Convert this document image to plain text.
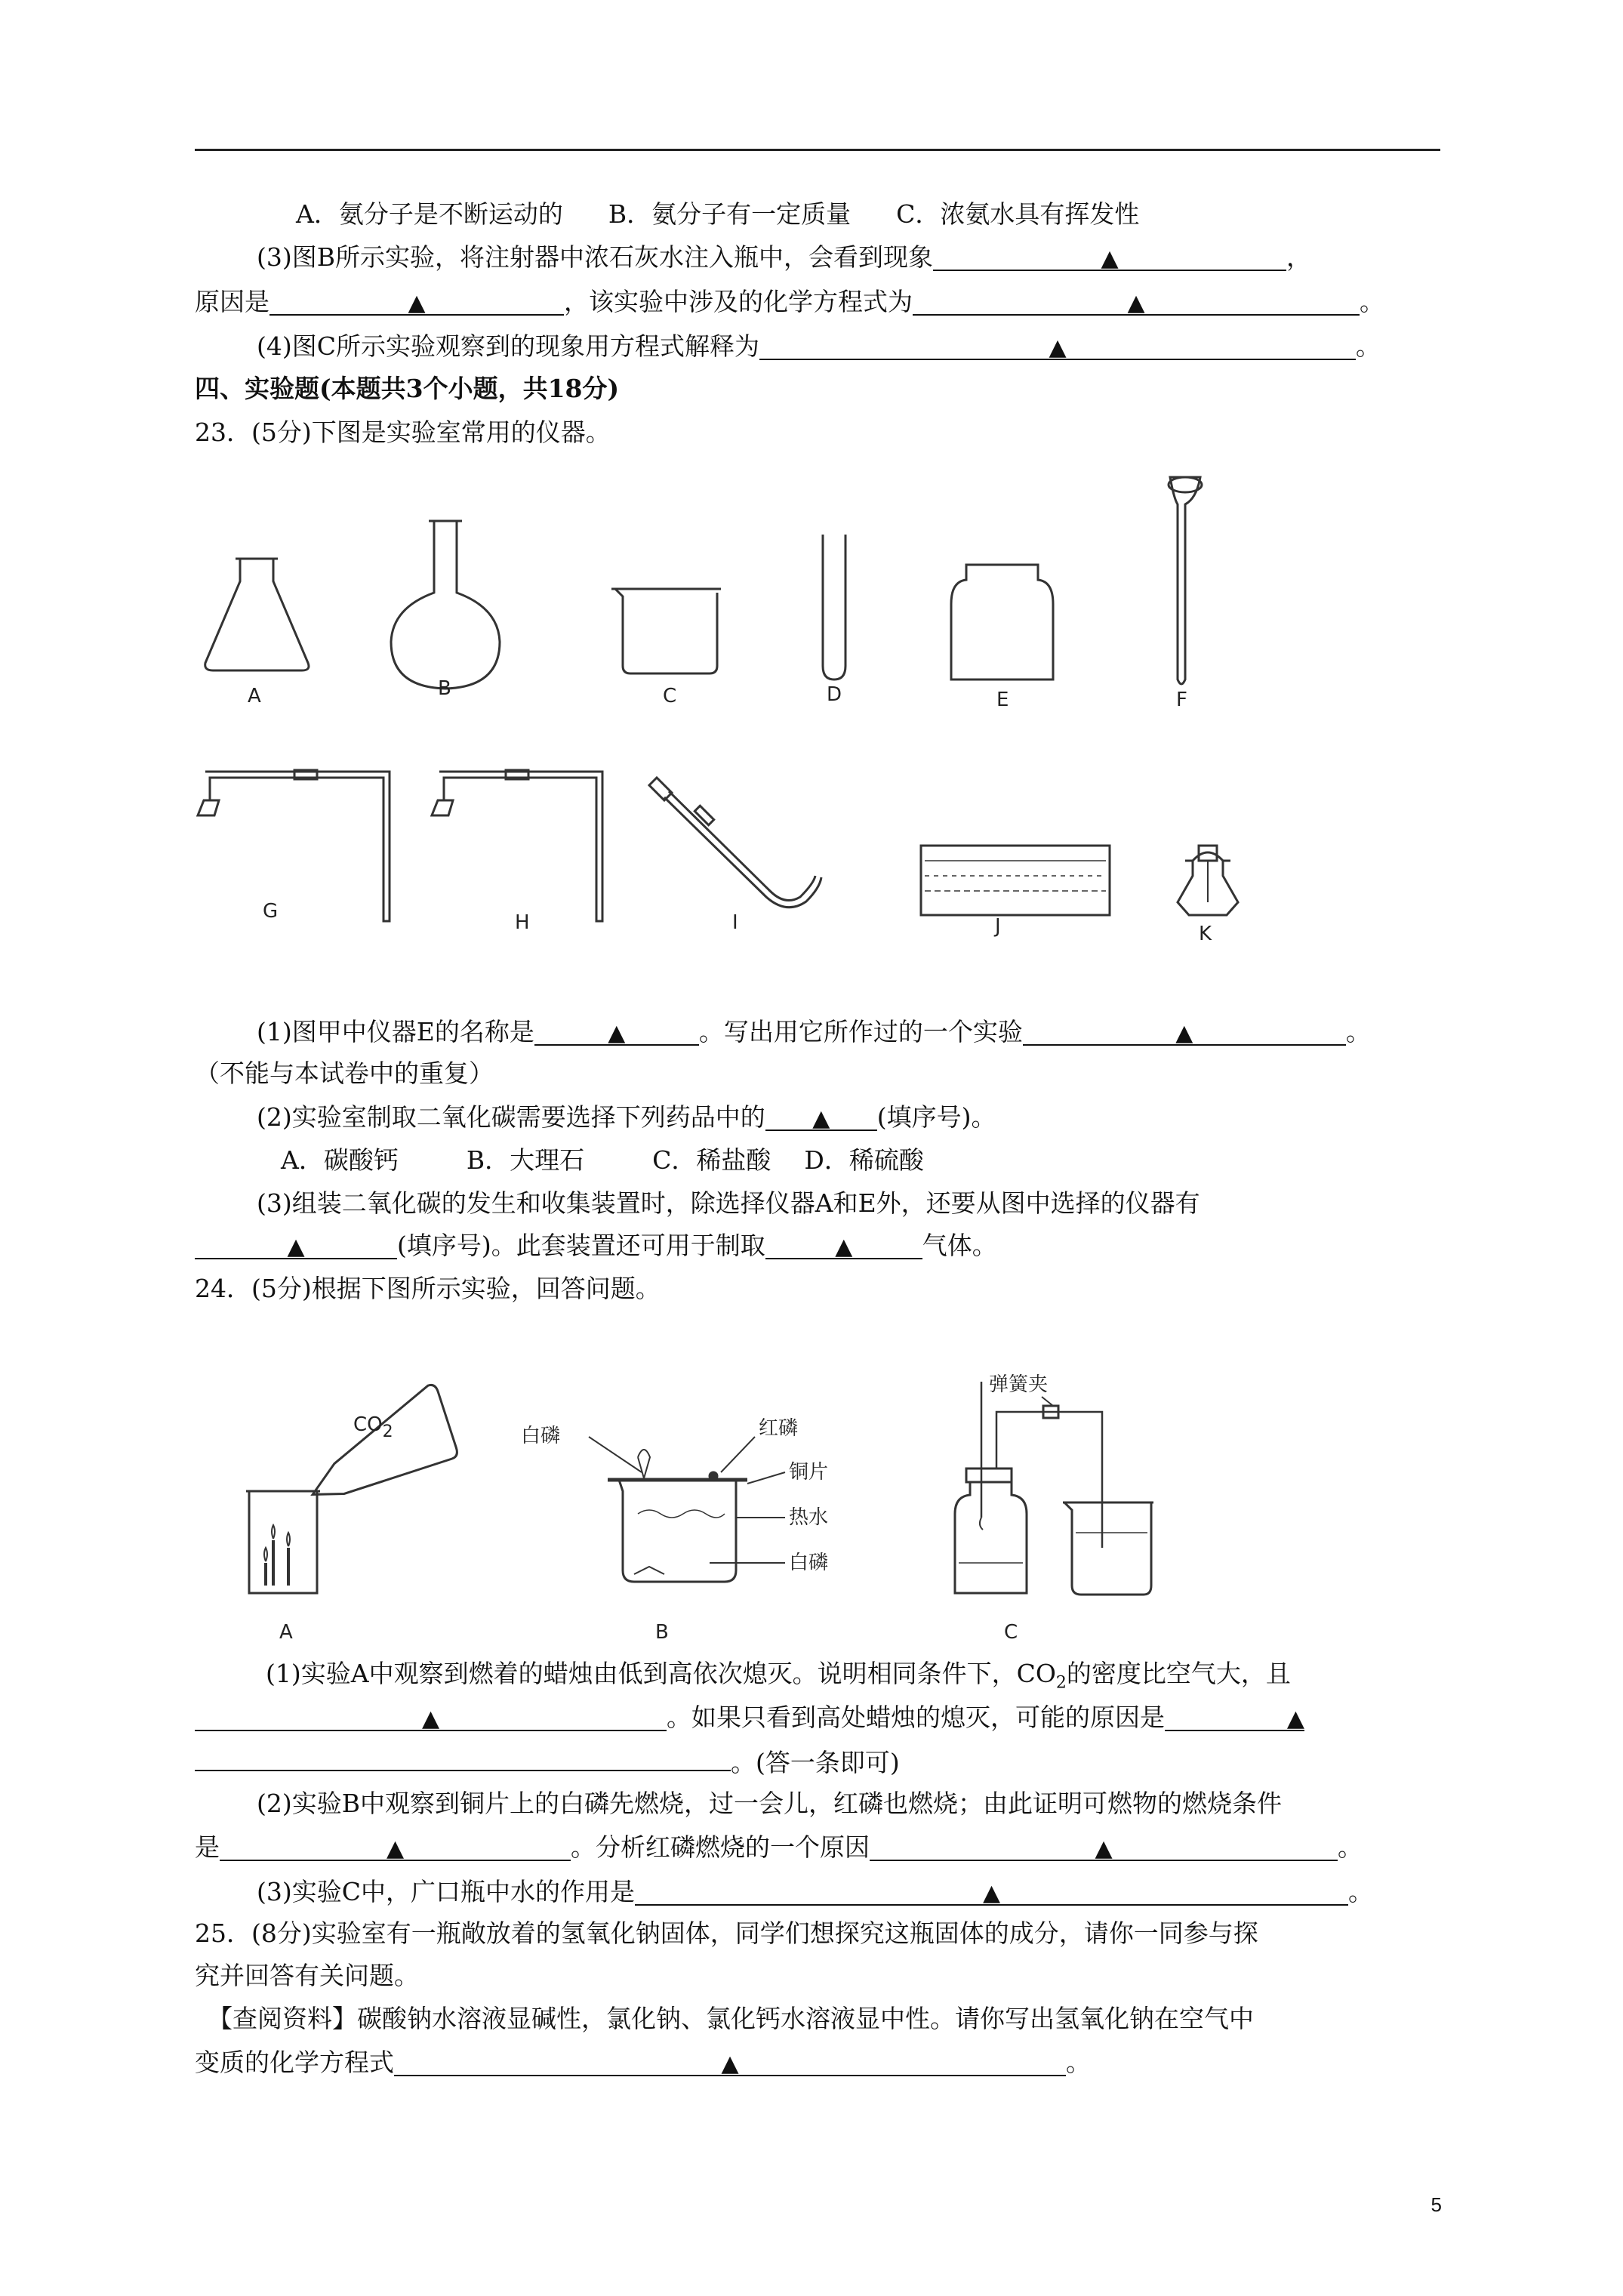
A．氨分子是不断运动的 B．氨分子有一定质量 C．浓氨水具有挥发性
(3)图B所示实验，将注射器中浓石灰水注入瓶中，会看到现象	▲	，
原因是	▲	，该实验中涉及的化学方程式为	▲	。
(4)图C所示实验观察到的现象用方程式解释为	▲	。
四、实验题(本题共3个小题，共18分)
23．(5分)下图是实验室常用的仪器。
A	B	C	D	E	F
G	H	I	J	K
(1)图甲中仪器E的名称是	▲	。写出用它所作过的一个实验	▲	。
（不能与本试卷中的重复）
(2)实验室制取二氧化碳需要选择下列药品中的 ▲ (填序号)。
A．碳酸钙	B．大理石	C．稀盐酸 D．稀硫酸
(3)组装二氧化碳的发生和收集装置时，除选择仪器A和E外，还要从图中选择的仪器有
▲	(填序号)。此套装置还可用于制取	▲	气体。
24．(5分)根据下图所示实验，回答问题。
$CO_2$
A
白磷	红磷
铜片
热水
白磷
B
弹簧夹
C
(1)实验A中观察到燃着的蜡烛由低到高依次熄灭。说明相同条件下，$CO_2$的密度比空气大，且
▲	。如果只看到高处蜡烛的熄灭，可能的原因是	▲
。(答一条即可)
(2)实验B中观察到铜片上的白磷先燃烧，过一会儿，红磷也燃烧；由此证明可燃物的燃烧条件
是	▲	。分析红磷燃烧的一个原因	▲	。
(3)实验C中，广口瓶中水的作用是	▲	。
25．(8分)实验室有一瓶敞放着的氢氧化钠固体，同学们想探究这瓶固体的成分，请你一同参与探
究并回答有关问题。
【查阅资料】碳酸钠水溶液显碱性，氯化钠、氯化钙水溶液显中性。请你写出氢氧化钠在空气中
变质的化学方程式	▲	。
5
